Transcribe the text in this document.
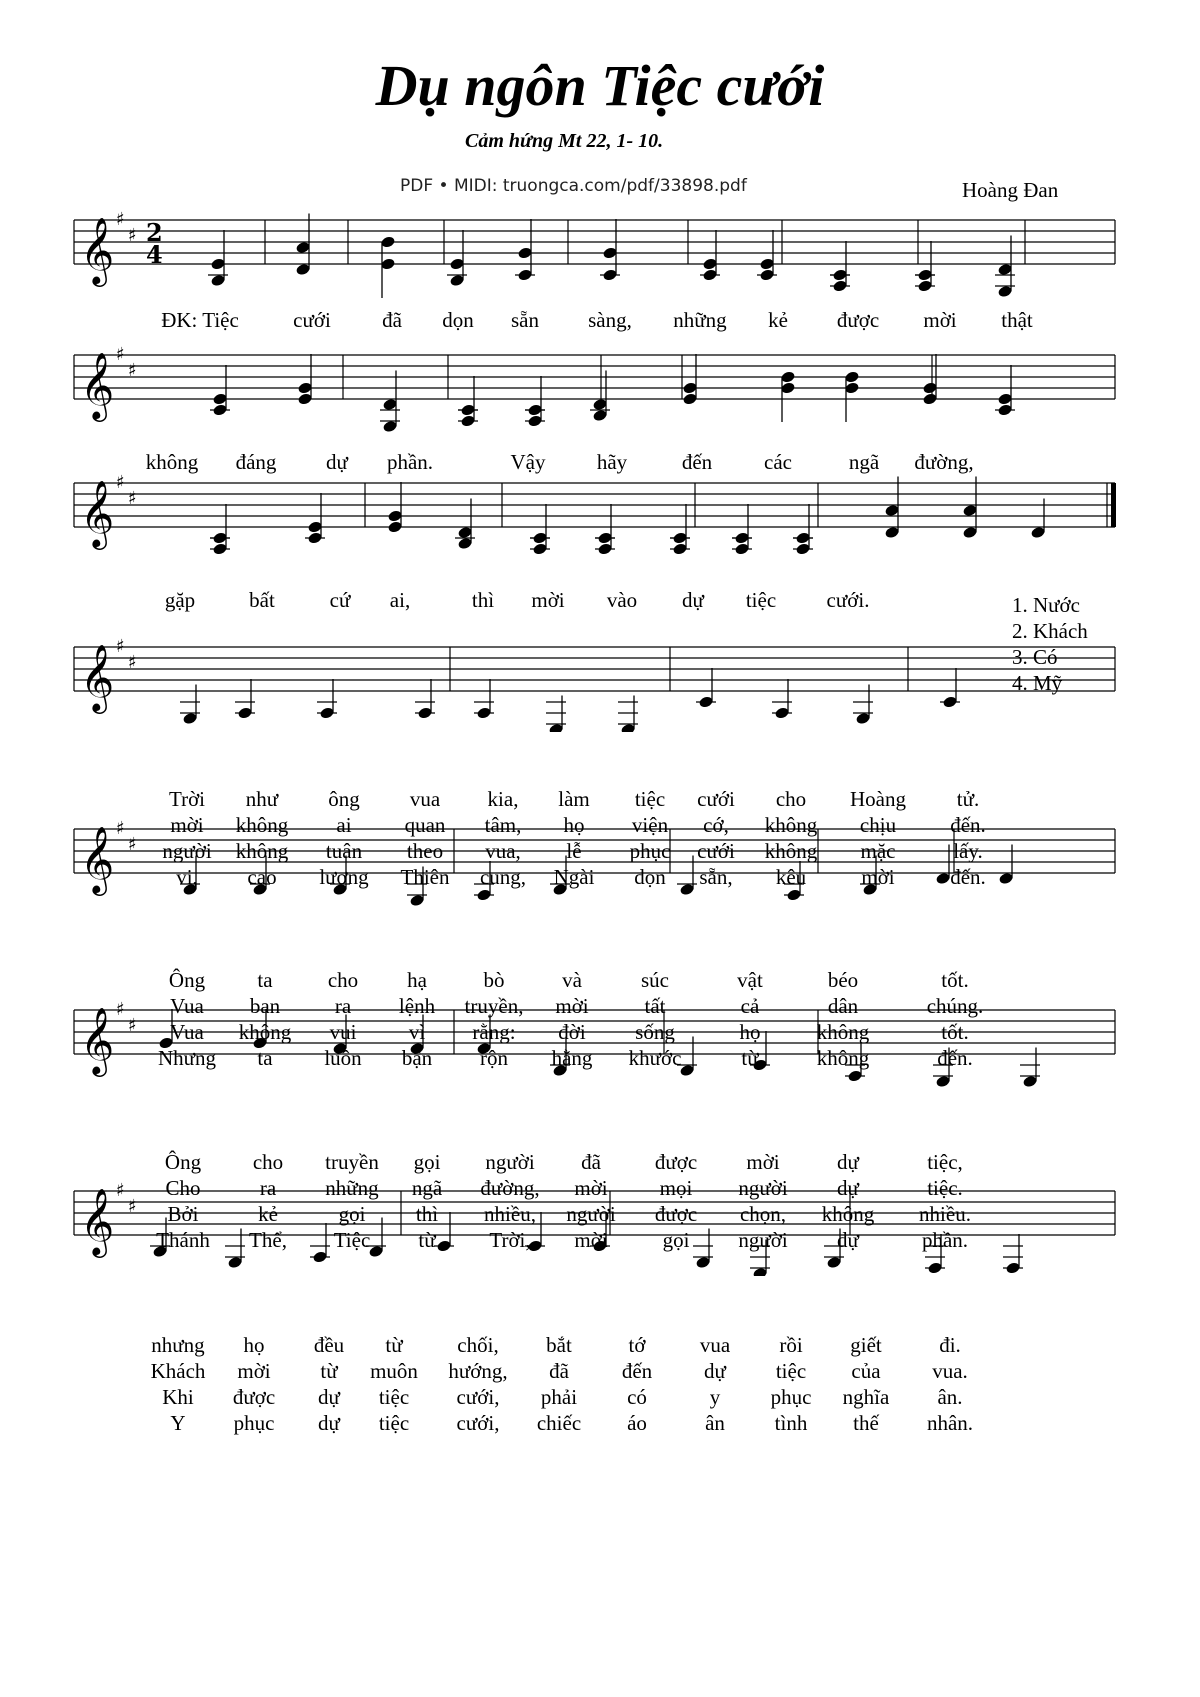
Dụ ngôn Tiệc cưới
Cảm hứng Mt 22, 1- 10.
PDF • MIDI: truongca.com/pdf/33898.pdf	Hoàng Đan
𝄞 ♯
♯ 2
4
𝄞 ♯
♯
𝄞 ♯
♯
𝄞 ♯
♯
𝄞 ♯
♯
𝄞 ♯
♯
𝄞 ♯
♯
1. Nước
2. Khách
3. Có
4. Mỹ
ĐK: Tiệc	cưới đã dọn sẵn sàng, những kẻ được mời thật
không đáng dự phần.	Vậy hãy	đến các	ngã đường,
gặp	bất	cứ ai,	thì mời vào dự tiệc cưới.
Trời như ông vua kia, làm tiệc cưới cho Hoàng tử.
mời không ai	quan tâm, họ viện cớ, không chịu	đến.
người không tuân theo vua, lễ phục cưới không mặc	lấy.
vị, cao lương Thiên cung, Ngài dọn sẵn, kêu	mời	đến.
Ông ta	cho hạ	bò	và	súc	vật	béo	tốt.
Vua ban	ra lệnh truyền, mời	tất	cả	dân	chúng.
Vua không vui vì rằng: đời sống	họ	không	tốt.
Nhưng ta luôn bận rộn hằng khước	từ	không	đến.
Ông cho truyền gọi người đã	được mời	dự	tiệc,
Cho	ra những ngã đường, mời mọi người dự	tiệc.
Bởi	kẻ	gọi thì nhiều, người được chọn, không nhiều.
Thánh Thể, Tiệc từ	Trời, mời	gọi người dự	phần.
nhưng họ đều từ	chối, bắt	tớ	vua rồi giết	đi.
Khách mời từ muôn hướng, đã	đến dự tiệc của vua.
Khi được dự tiệc cưới, phải có	y phục nghĩa ân.
Y phục dự tiệc cưới, chiếc áo	ân tình thế nhân.
